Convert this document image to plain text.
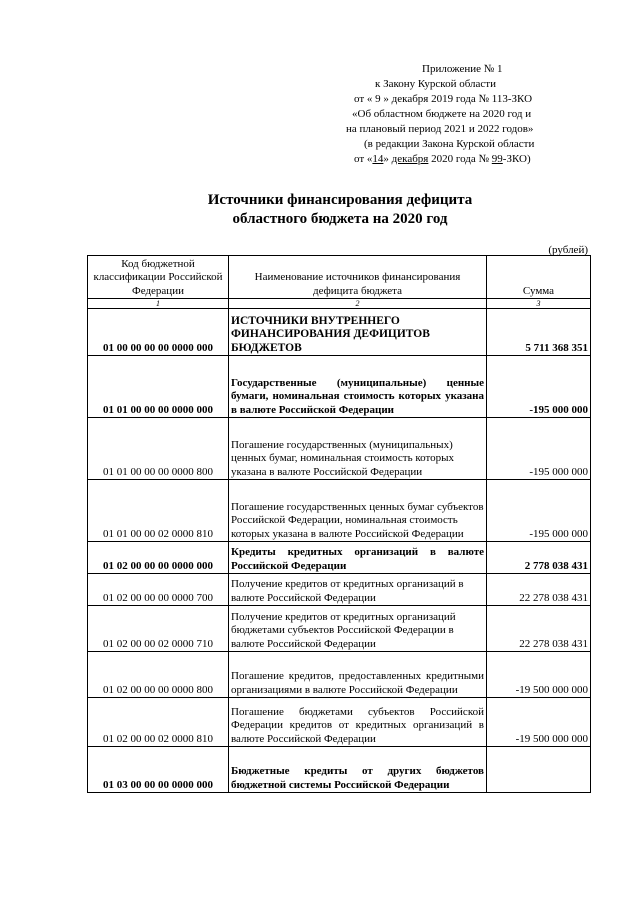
Приложение № 1
к Закону Курской области
от « 9 » декабря 2019 года № 113-ЗКО
«Об областном бюджете на 2020 год и
на плановый период 2021 и 2022 годов»
(в редакции Закона Курской области
от «14» декабря 2020 года № 99-ЗКО)
Источники финансирования дефицита
областного бюджета на 2020 год
(рублей)
Код бюджетной классификации Российской Федерации	Наименование источников финансирования дефицита бюджета	Сумма
1	2	3
01 00 00 00 00 0000 000	ИСТОЧНИКИ ВНУТРЕННЕГО ФИНАНСИРОВАНИЯ ДЕФИЦИТОВ БЮДЖЕТОВ	5 711 368 351
01 01 00 00 00 0000 000	Государственные (муниципальные) ценные бумаги, номинальная стоимость которых указана в валюте Российской Федерации	-195 000 000
01 01 00 00 00 0000 800	Погашение государственных (муниципальных) ценных бумаг, номинальная стоимость которых указана в валюте Российской Федерации	-195 000 000
01 01 00 00 02 0000 810	Погашение государственных ценных бумаг субъектов Российской Федерации, номинальная стоимость которых указана в валюте Российской Федерации	-195 000 000
01 02 00 00 00 0000 000	Кредиты кредитных организаций в валюте Российской Федерации	2 778 038 431
01 02 00 00 00 0000 700	Получение кредитов от кредитных организаций в валюте Российской Федерации	22 278 038 431
01 02 00 00 02 0000 710	Получение кредитов от кредитных организаций бюджетами субъектов Российской Федерации в валюте Российской Федерации	22 278 038 431
01 02 00 00 00 0000 800	Погашение кредитов, предоставленных кредитными организациями в валюте Российской Федерации	-19 500 000 000
01 02 00 00 02 0000 810	Погашение бюджетами субъектов Российской Федерации кредитов от кредитных организаций в валюте Российской Федерации	-19 500 000 000
01 03 00 00 00 0000 000	Бюджетные кредиты от других бюджетов бюджетной системы Российской Федерации	
